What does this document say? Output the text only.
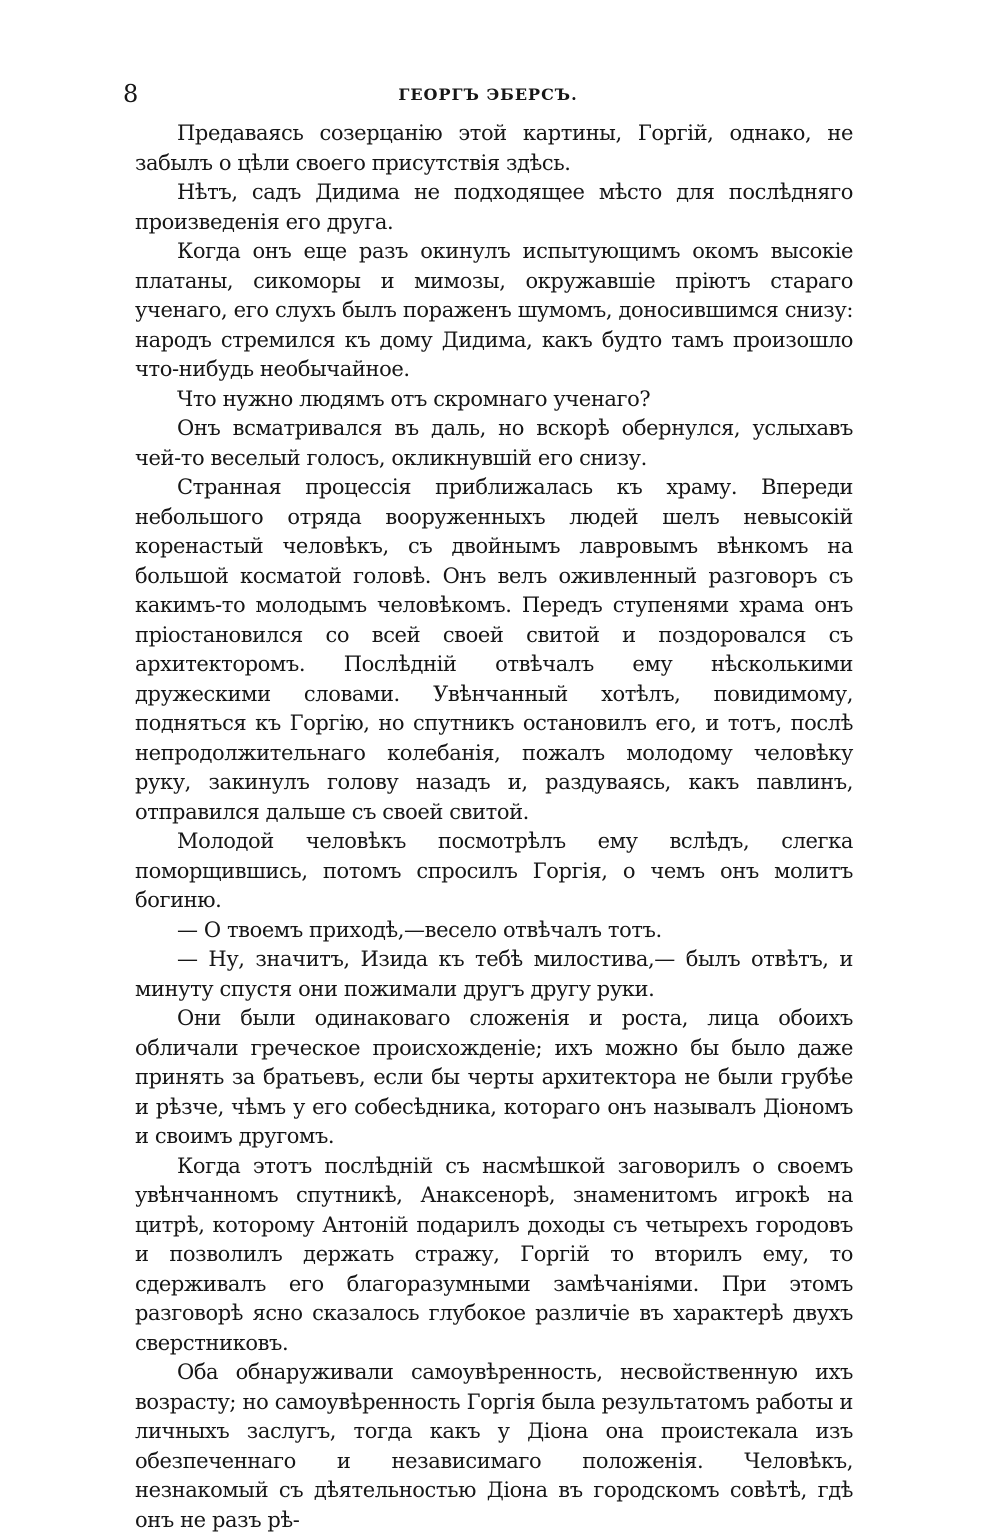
8	ГЕОРГЪ ЭБЕРСЪ.

Предаваясь созерцанію этой картины, Горгій, однако, не забылъ о цѣли своего присутствія здѣсь.

Нѣтъ, садъ Дидима не подходящее мѣсто для послѣдняго произведенія его друга.

Когда онъ еще разъ окинулъ испытующимъ окомъ высокіе платаны, сикоморы и мимозы, окружавшіе пріютъ стараго ученаго, его слухъ былъ пораженъ шумомъ, доносившимся снизу: народъ стремился къ дому Дидима, какъ будто тамъ произошло что-нибудь необычайное.

Что нужно людямъ отъ скромнаго ученаго?

Онъ всматривался въ даль, но вскорѣ обернулся, услыхавъ чей-то веселый голосъ, окликнувшій его снизу.

Странная процессія приближалась къ храму. Впереди небольшого отряда вооруженныхъ людей шелъ невысокій коренастый человѣкъ, съ двойнымъ лавровымъ вѣнкомъ на большой косматой головѣ. Онъ велъ оживленный разговоръ съ какимъ-то молодымъ человѣкомъ. Передъ ступенями храма онъ пріостановился со всей своей свитой и поздоровался съ архитекторомъ. Послѣдній отвѣчалъ ему нѣсколькими дружескими словами. Увѣнчанный хотѣлъ, повидимому, подняться къ Горгію, но спутникъ остановилъ его, и тотъ, послѣ непродолжительнаго колебанія, пожалъ молодому человѣку руку, закинулъ голову назадъ и, раздуваясь, какъ павлинъ, отправился дальше съ своей свитой.

Молодой человѣкъ посмотрѣлъ ему вслѣдъ, слегка поморщившись, потомъ спросилъ Горгія, о чемъ онъ молитъ богиню.

— О твоемъ приходѣ,—весело отвѣчалъ тотъ.

— Ну, значитъ, Изида къ тебѣ милостива,— былъ отвѣтъ, и минуту спустя они пожимали другъ другу руки.

Они были одинаковаго сложенія и роста, лица обоихъ обличали греческое происхожденіе; ихъ можно бы было даже принять за братьевъ, если бы черты архитектора не были грубѣе и рѣзче, чѣмъ у его собесѣдника, котораго онъ называлъ Діономъ и своимъ другомъ.

Когда этотъ послѣдній съ насмѣшкой заговорилъ о своемъ увѣнчанномъ спутникѣ, Анаксенорѣ, знаменитомъ игрокѣ на цитрѣ, которому Антоній подарилъ доходы съ четырехъ городовъ и позволилъ держать стражу, Горгій то вторилъ ему, то сдерживалъ его благоразумными замѣчаніями. При этомъ разговорѣ ясно сказалось глубокое различіе въ характерѣ двухъ сверстниковъ.

Оба обнаруживали самоувѣренность, несвойственную ихъ возрасту; но самоувѣренность Горгія была результатомъ работы и личныхъ заслугъ, тогда какъ у Діона она проистекала изъ обезпеченнаго и независимаго положенія. Человѣкъ, незнакомый съ дѣятельностью Діона въ городскомъ совѣтѣ, гдѣ онъ не разъ рѣ-
